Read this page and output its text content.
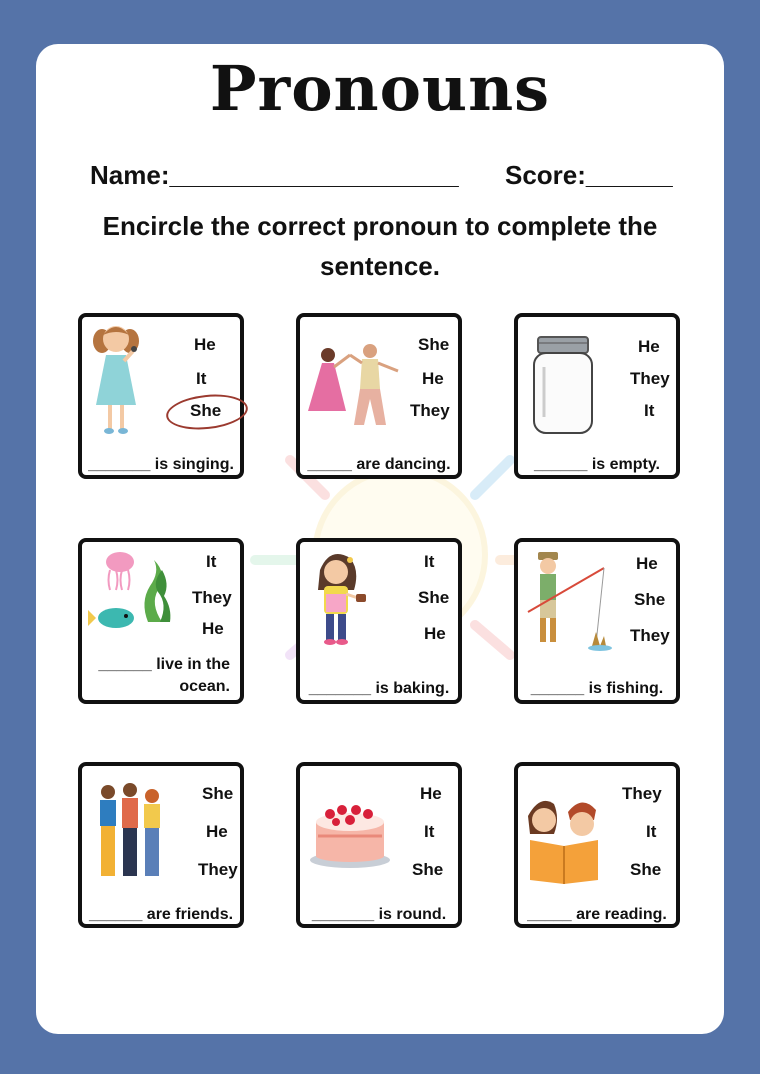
Pronouns
Name:____________________ Score:______
Encircle the correct pronoun to complete the sentence.
He
It
She
_______ is singing.
She
He
They
_____ are dancing.
He
They
It
______ is empty.
It
They
He
______ live in the ocean.
It
She
He
_______ is baking.
He
She
They
______ is fishing.
She
He
They
______ are friends.
He
It
She
_______ is round.
They
It
She
_____ are reading.
